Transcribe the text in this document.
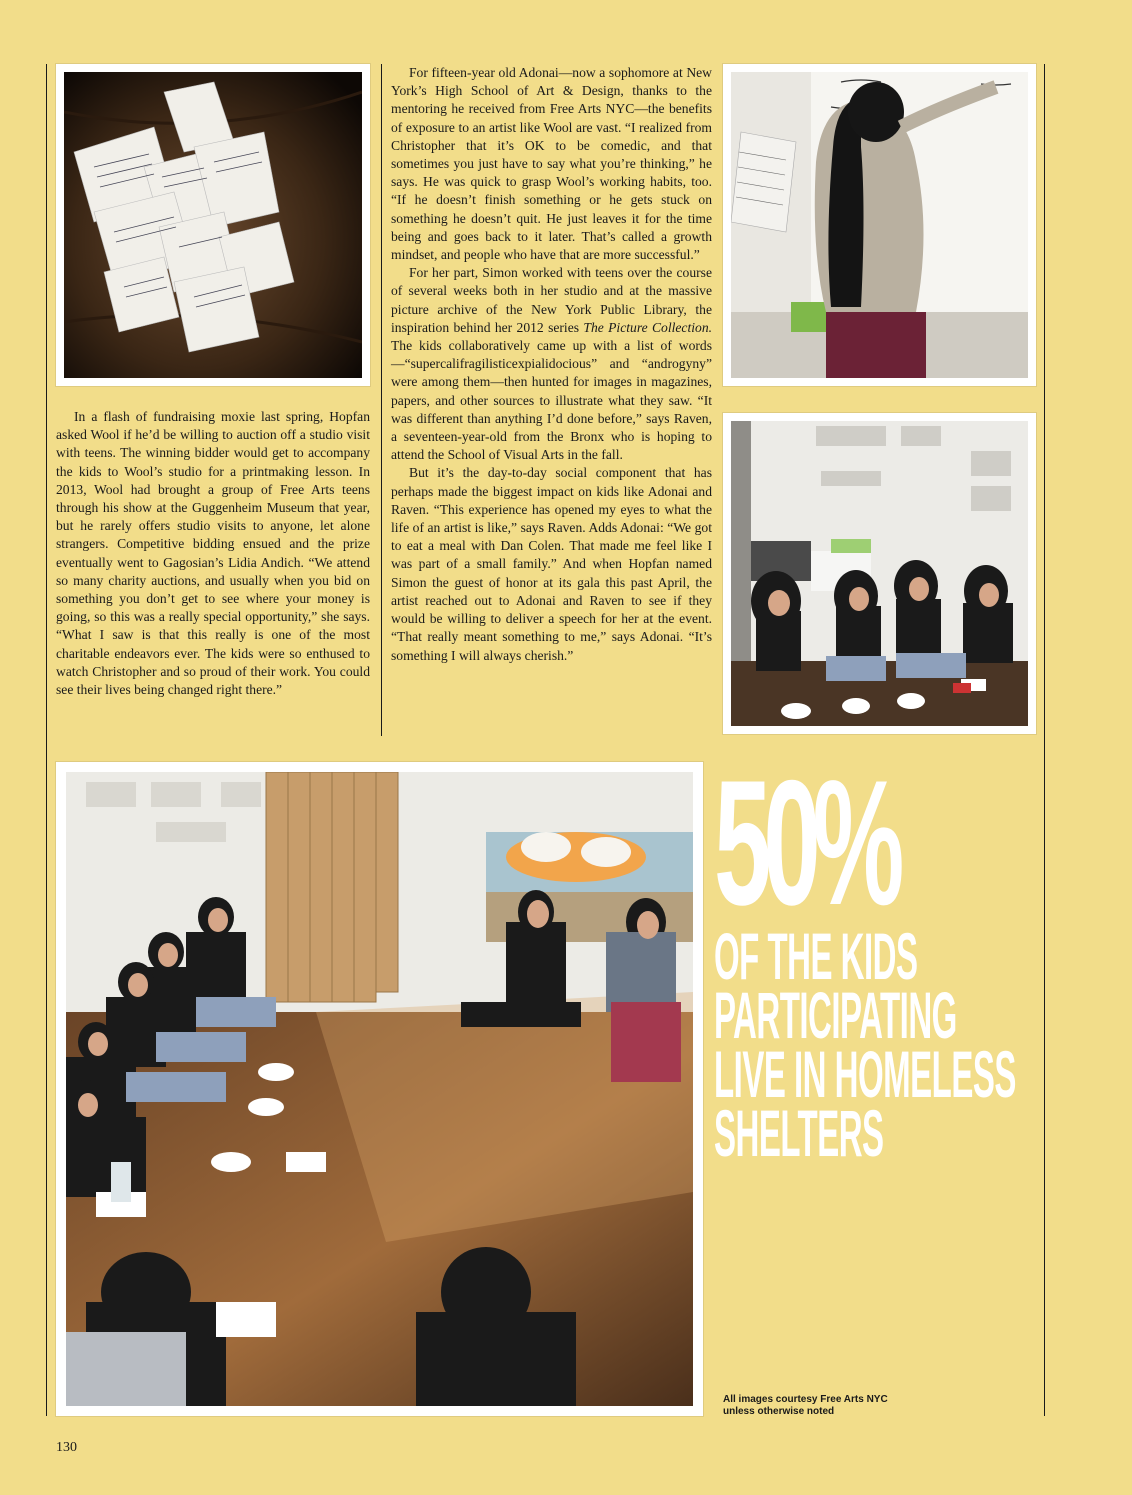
In a flash of fundraising moxie last spring, Hopfan asked Wool if he’d be willing to auction off a studio visit with teens. The winning bidder would get to accompany the kids to Wool’s studio for a printmaking lesson. In 2013, Wool had brought a group of Free Arts teens through his show at the Guggenheim Museum that year, but he rarely offers studio visits to anyone, let alone strangers. Competitive bidding ensued and the prize eventually went to Gagosian’s Lidia Andich. “We attend so many charity auctions, and usually when you bid on something you don’t get to see where your money is going, so this was a really special opportunity,” she says. “What I saw is that this really is one of the most charitable endeavors ever. The kids were so enthused to watch Christopher and so proud of their work. You could see their lives being changed right there.”

For fifteen-year old Adonai—now a sophomore at New York’s High School of Art & Design, thanks to the mentoring he received from Free Arts NYC—the benefits of exposure to an artist like Wool are vast. “I realized from Christopher that it’s OK to be comedic, and that sometimes you just have to say what you’re thinking,” he says. He was quick to grasp Wool’s working habits, too. “If he doesn’t finish something or he gets stuck on something he doesn’t quit. He just leaves it for the time being and goes back to it later. That’s called a growth mindset, and people who have that are more successful.”

For her part, Simon worked with teens over the course of several weeks both in her studio and at the massive picture archive of the New York Public Library, the inspiration behind her 2012 series The Picture Collection. The kids collaboratively came up with a list of words—“supercalifragilisticexpialidocious” and “androgyny” were among them—then hunted for images in magazines, papers, and other sources to illustrate what they saw. “It was different than anything I’d done before,” says Raven, a seventeen-year-old from the Bronx who is hoping to attend the School of Visual Arts in the fall.

But it’s the day-to-day social component that has perhaps made the biggest impact on kids like Adonai and Raven. “This experience has opened my eyes to what the life of an artist is like,” says Raven. Adds Adonai: “We got to eat a meal with Dan Colen. That made me feel like I was part of a small family.” And when Hopfan named Simon the guest of honor at its gala this past April, the artist reached out to Adonai and Raven to see if they would be willing to deliver a speech for her at the event. “That really meant something to me,” says Adonai. “It’s something I will always cherish.”

50%
OF THE KIDS
PARTICIPATING
LIVE IN HOMELESS
SHELTERS
All images courtesy Free Arts NYC unless otherwise noted
130
